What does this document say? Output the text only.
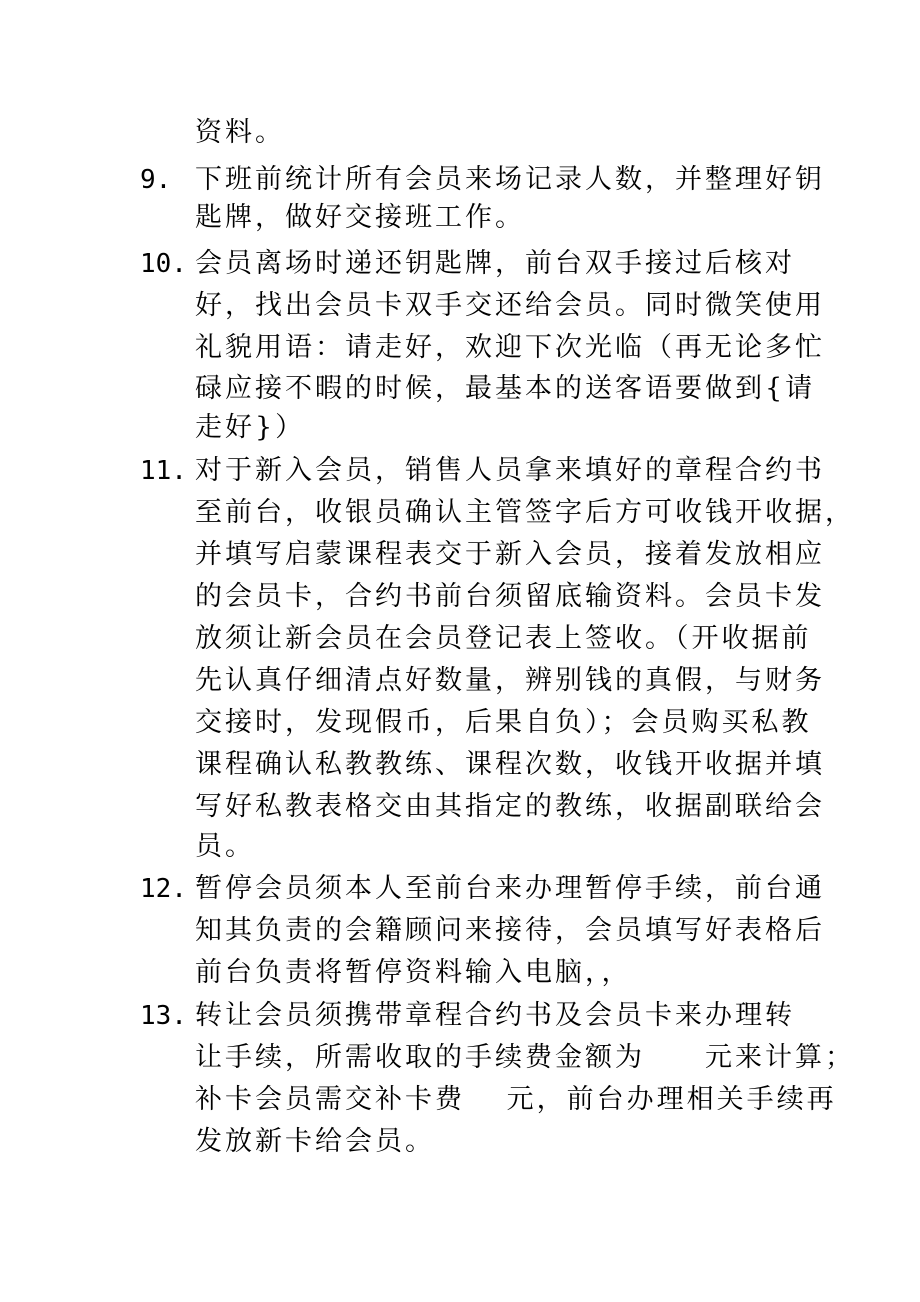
资料。
9. 下班前统计所有会员来场记录人数，并整理好钥
匙牌，做好交接班工作。
10. 会员离场时递还钥匙牌，前台双手接过后核对
好，找出会员卡双手交还给会员。同时微笑使用
礼貌用语：请走好，欢迎下次光临（再无论多忙
碌应接不暇的时候，最基本的送客语要做到{请
走好}）
11. 对于新入会员，销售人员拿来填好的章程合约书
至前台，收银员确认主管签字后方可收钱开收据，
并填写启蒙课程表交于新入会员，接着发放相应
的会员卡，合约书前台须留底输资料。会员卡发
放须让新会员在会员登记表上签收。（开收据前
先认真仔细清点好数量，辨别钱的真假，与财务
交接时，发现假币，后果自负）；会员购买私教
课程确认私教教练、课程次数，收钱开收据并填
写好私教表格交由其指定的教练，收据副联给会
员。
12. 暂停会员须本人至前台来办理暂停手续，前台通
知其负责的会籍顾问来接待，会员填写好表格后
前台负责将暂停资料输入电脑，，
13. 转让会员须携带章程合约书及会员卡来办理转
让手续，所需收取的手续费金额为　　元来计算；
补卡会员需交补卡费　 元，前台办理相关手续再
发放新卡给会员。
